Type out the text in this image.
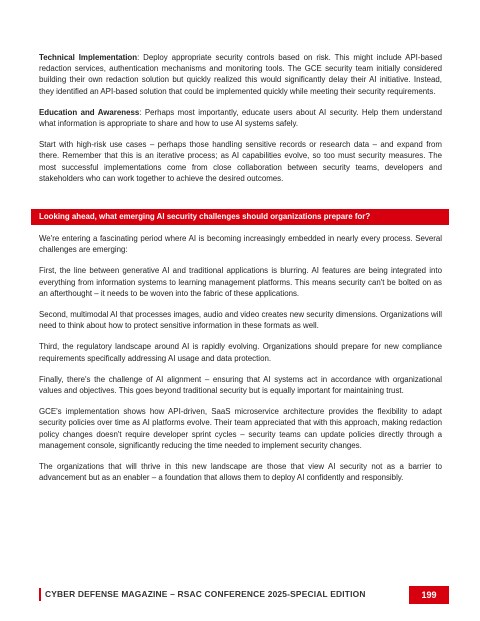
Technical Implementation: Deploy appropriate security controls based on risk. This might include API-based redaction services, authentication mechanisms and monitoring tools. The GCE security team initially considered building their own redaction solution but quickly realized this would significantly delay their AI initiative. Instead, they identified an API-based solution that could be implemented quickly while meeting their security requirements.

Education and Awareness: Perhaps most importantly, educate users about AI security. Help them understand what information is appropriate to share and how to use AI systems safely.

Start with high-risk use cases – perhaps those handling sensitive records or research data – and expand from there. Remember that this is an iterative process; as AI capabilities evolve, so too must security measures. The most successful implementations come from close collaboration between security teams, developers and stakeholders who can work together to achieve the desired outcomes.

Looking ahead, what emerging AI security challenges should organizations prepare for?

We're entering a fascinating period where AI is becoming increasingly embedded in nearly every process. Several challenges are emerging:

First, the line between generative AI and traditional applications is blurring. AI features are being integrated into everything from information systems to learning management platforms. This means security can't be bolted on as an afterthought – it needs to be woven into the fabric of these applications.

Second, multimodal AI that processes images, audio and video creates new security dimensions. Organizations will need to think about how to protect sensitive information in these formats as well.

Third, the regulatory landscape around AI is rapidly evolving. Organizations should prepare for new compliance requirements specifically addressing AI usage and data protection.

Finally, there's the challenge of AI alignment – ensuring that AI systems act in accordance with organizational values and objectives. This goes beyond traditional security but is equally important for maintaining trust.

GCE's implementation shows how API-driven, SaaS microservice architecture provides the flexibility to adapt security policies over time as AI platforms evolve. Their team appreciated that with this approach, making redaction policy changes doesn't require developer sprint cycles – security teams can update policies directly through a management console, significantly reducing the time needed to implement security changes.

The organizations that will thrive in this new landscape are those that view AI security not as a barrier to advancement but as an enabler – a foundation that allows them to deploy AI confidently and responsibly.

CYBER DEFENSE MAGAZINE – RSAC CONFERENCE 2025-SPECIAL EDITION	199
